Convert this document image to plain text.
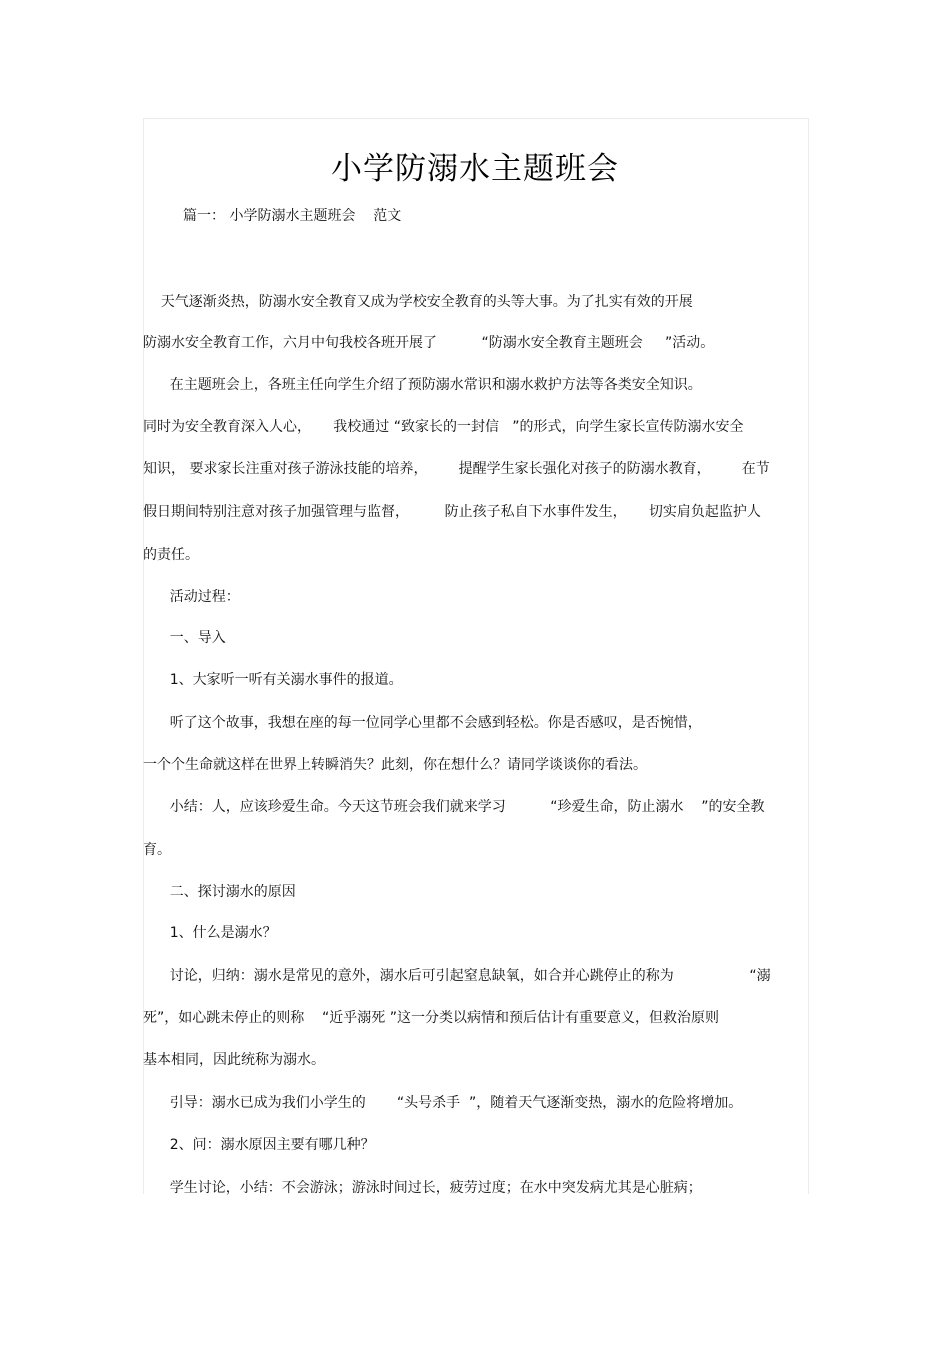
小学防溺水主题班会
篇一： 小学防溺水主题班会    范文
天气逐渐炎热，防溺水安全教育又成为学校安全教育的头等大事。为了扎实有效的开展
防溺水安全教育工作，六月中旬我校各班开展了          “防溺水安全教育主题班会     ”活动。
在主题班会上，各班主任向学生介绍了预防溺水常识和溺水救护方法等各类安全知识。
同时为安全教育深入人心，     我校通过 “致家长的一封信   ”的形式，向学生家长宣传防溺水安全
知识， 要求家长注重对孩子游泳技能的培养，       提醒学生家长强化对孩子的防溺水教育，       在节
假日期间特别注意对孩子加强管理与监督，        防止孩子私自下水事件发生，     切实肩负起监护人
的责任。
活动过程：
一、导入
1、大家听一听有关溺水事件的报道。
听了这个故事，我想在座的每一位同学心里都不会感到轻松。你是否感叹，是否惋惜，
一个个生命就这样在世界上转瞬消失？此刻，你在想什么？请同学谈谈你的看法。
小结：人，应该珍爱生命。今天这节班会我们就来学习          “珍爱生命，防止溺水    ”的安全教
育。
二、探讨溺水的原因
1、什么是溺水？
讨论，归纳：溺水是常见的意外，溺水后可引起窒息缺氧，如合并心跳停止的称为                 “溺
死”，如心跳未停止的则称    “近乎溺死 ”这一分类以病情和预后估计有重要意义，但救治原则
基本相同，因此统称为溺水。
引导：溺水已成为我们小学生的       “头号杀手  ”，随着天气逐渐变热，溺水的危险将增加。
2、问：溺水原因主要有哪几种？
学生讨论，小结：不会游泳；游泳时间过长，疲劳过度；在水中突发病尤其是心脏病；
